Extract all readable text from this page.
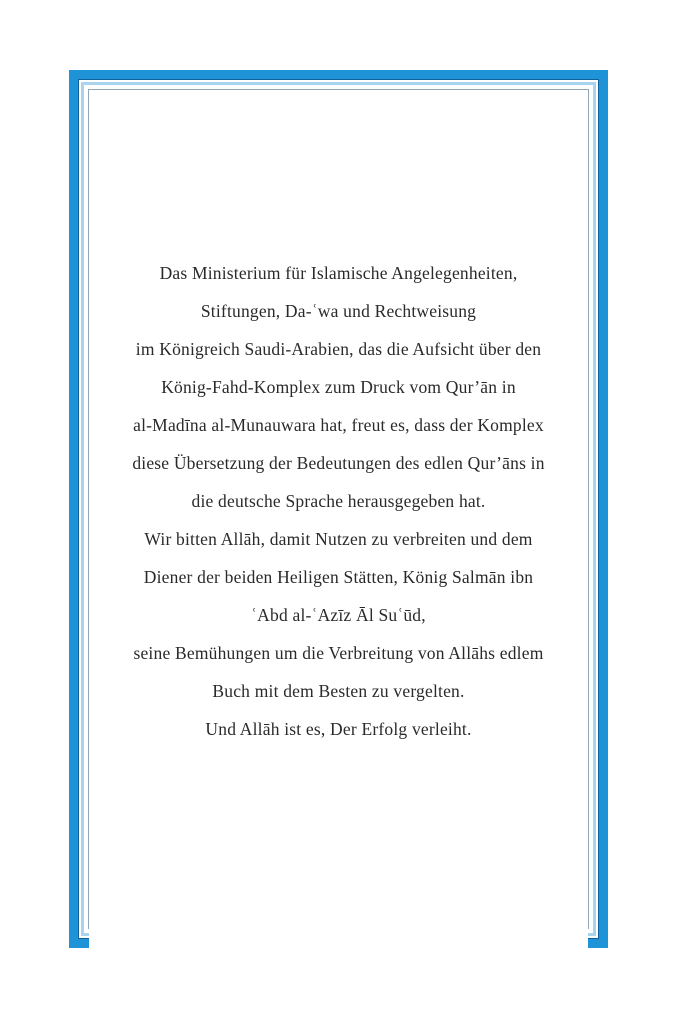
Das Ministerium für Islamische Angelegenheiten,
Stiftungen, Da-ʿwa und Rechtweisung
im Königreich Saudi-Arabien, das die Aufsicht über den
König-Fahd-Komplex zum Druck vom Qur’ān in
al-Madīna al-Munauwara hat, freut es, dass der Komplex
diese Übersetzung der Bedeutungen des edlen Qur’āns in
die deutsche Sprache herausgegeben hat.
Wir bitten Allāh, damit Nutzen zu verbreiten und dem
Diener der beiden Heiligen Stätten, König Salmān ibn
ʿAbd al-ʿAzīz Āl Suʿūd,
seine Bemühungen um die Verbreitung von Allāhs edlem
Buch mit dem Besten zu vergelten.
Und Allāh ist es, Der Erfolg verleiht.
